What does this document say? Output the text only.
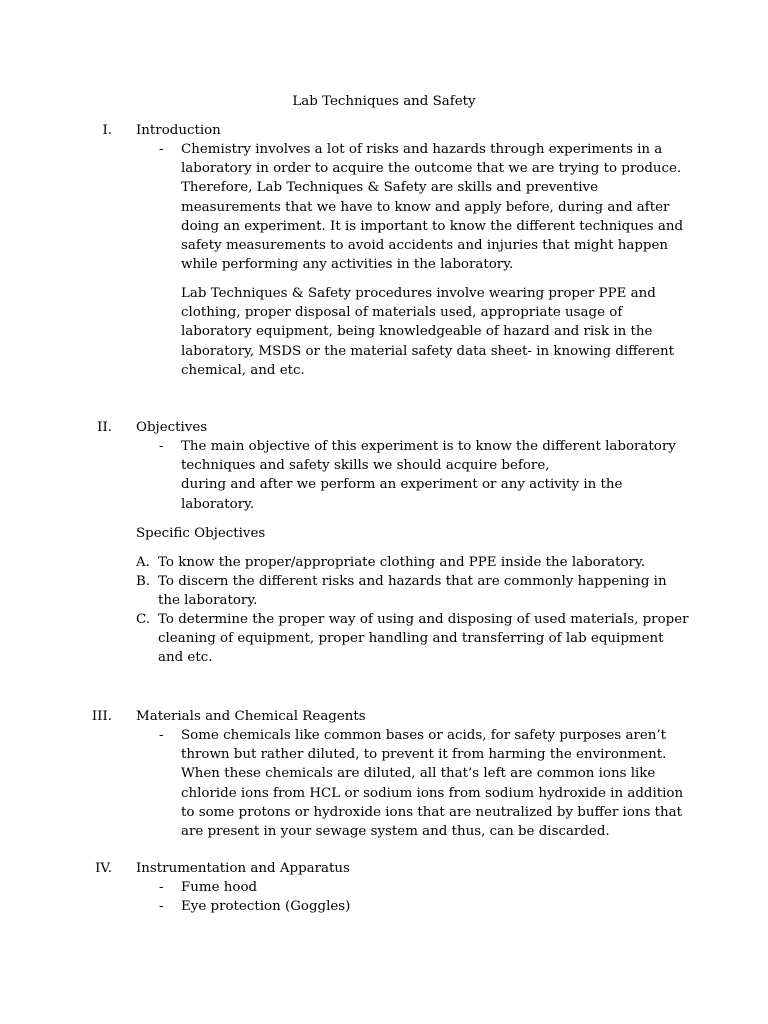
Lab Techniques and Safety
I. Introduction
-	Chemistry involves a lot of risks and hazards through experiments in a
laboratory in order to acquire the outcome that we are trying to produce.
Therefore, Lab Techniques & Safety are skills and preventive
measurements that we have to know and apply before, during and after
doing an experiment. It is important to know the different techniques and
safety measurements to avoid accidents and injuries that might happen
while performing any activities in the laboratory.
Lab Techniques & Safety procedures involve wearing proper PPE and
clothing, proper disposal of materials used, appropriate usage of
laboratory equipment, being knowledgeable of hazard and risk in the
laboratory, MSDS or the material safety data sheet- in knowing different
chemical, and etc.
II. Objectives
-	The main objective of this experiment is to know the different laboratory
techniques and safety skills we should acquire before,
during and after we perform an experiment or any activity in the
laboratory.
Specific Objectives
A. To know the proper/appropriate clothing and PPE inside the laboratory.
B. To discern the different risks and hazards that are commonly happening in
the laboratory.
C. To determine the proper way of using and disposing of used materials, proper
cleaning of equipment, proper handling and transferring of lab equipment
and etc.
III. Materials and Chemical Reagents
-	Some chemicals like common bases or acids, for safety purposes aren’t
thrown but rather diluted, to prevent it from harming the environment.
When these chemicals are diluted, all that’s left are common ions like
chloride ions from HCL or sodium ions from sodium hydroxide in addition
to some protons or hydroxide ions that are neutralized by buffer ions that
are present in your sewage system and thus, can be discarded.
IV. Instrumentation and Apparatus
-	Fume hood
-	Eye protection (Goggles)
